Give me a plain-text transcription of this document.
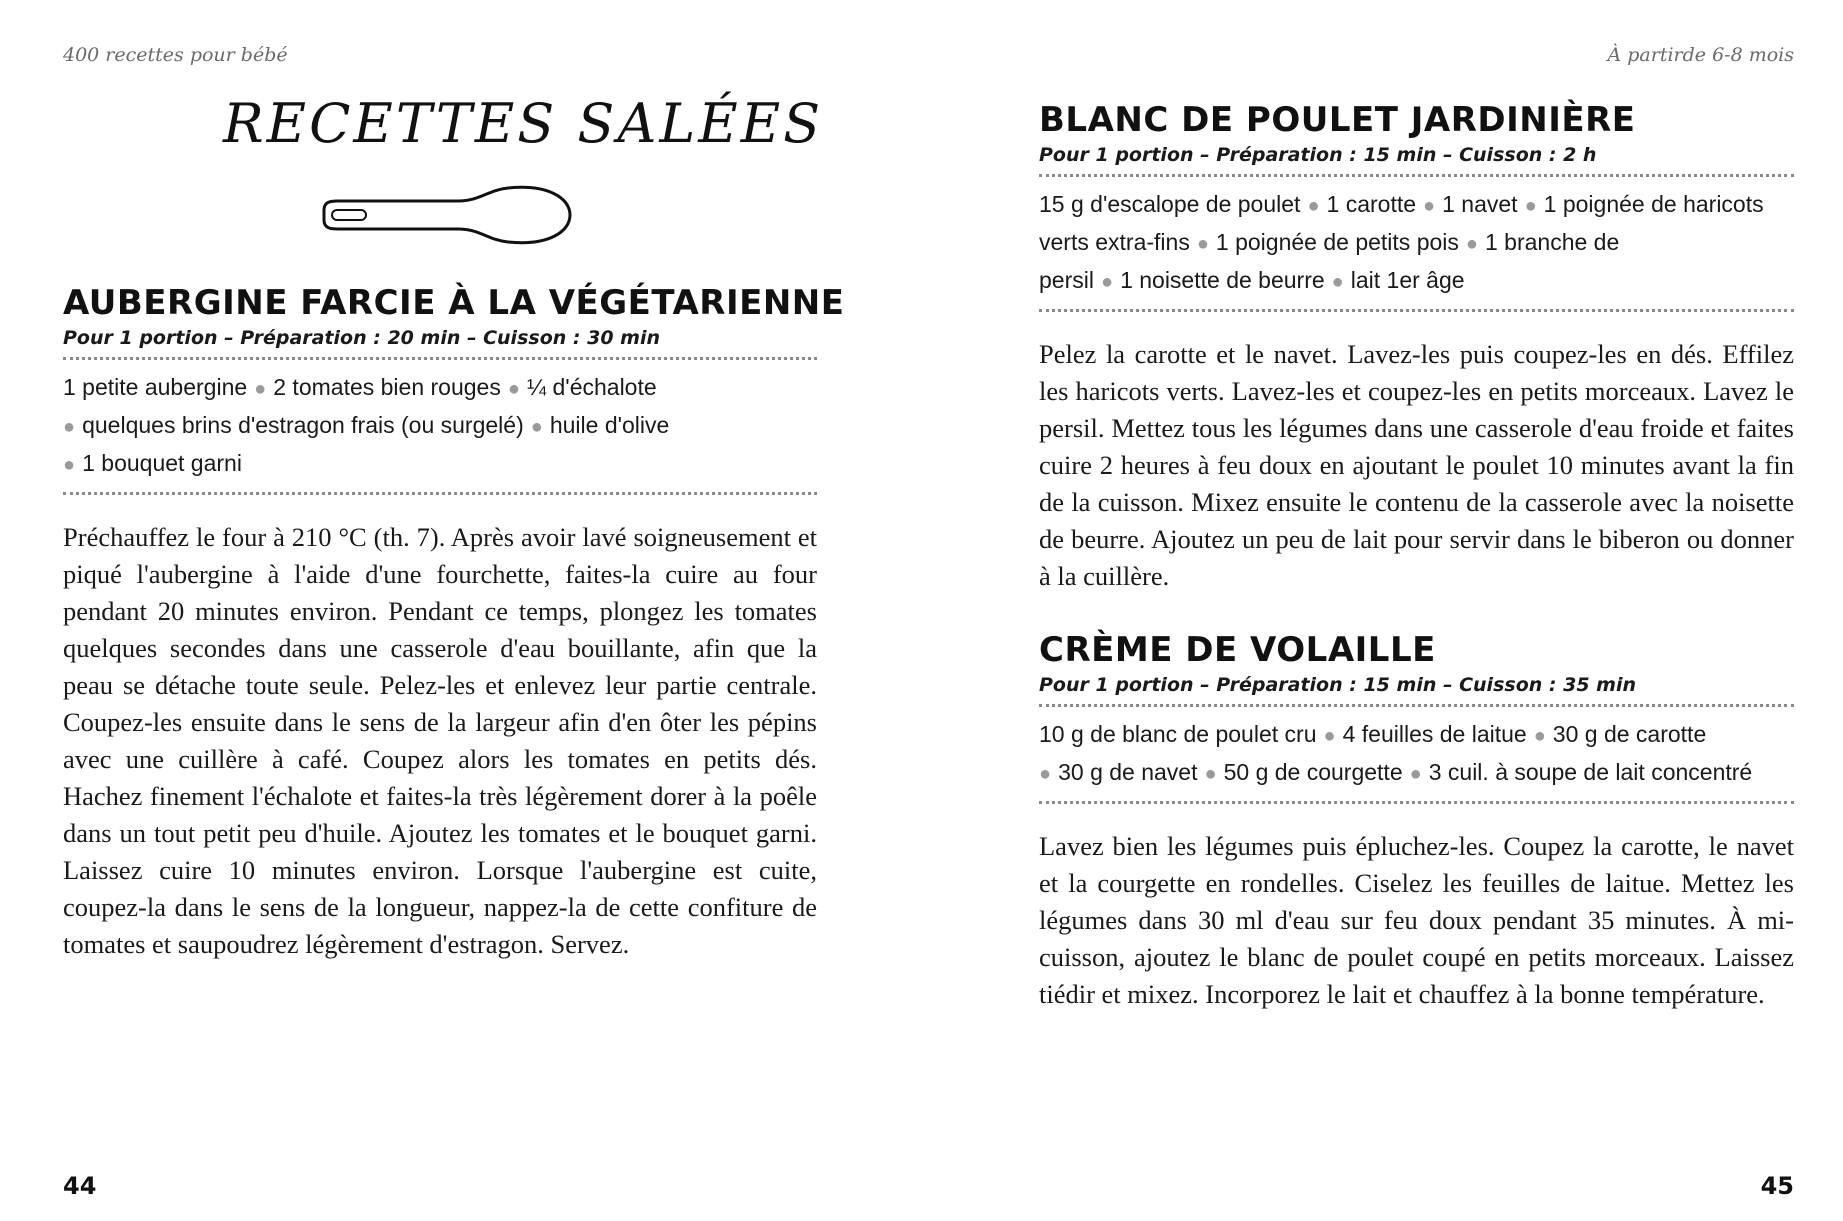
400 recettes pour bébé
RECETTES SALÉES
AUBERGINE FARCIE À LA VÉGÉTARIENNE
Pour 1 portion – Préparation : 20 min – Cuisson : 30 min
1 petite aubergine ● 2 tomates bien rouges ● ¼ d'échalote
● quelques brins d'estragon frais (ou surgelé) ● huile d'olive
● 1 bouquet garni

Préchauffez le four à 210 °C (th. 7). Après avoir lavé soigneusement et piqué l'aubergine à l'aide d'une fourchette, faites-la cuire au four pendant 20 minutes environ. Pendant ce temps, plongez les tomates quelques secondes dans une casserole d'eau bouillante, afin que la peau se détache toute seule. Pelez-les et enlevez leur partie centrale. Coupez-les ensuite dans le sens de la largeur afin d'en ôter les pépins avec une cuillère à café. Coupez alors les tomates en petits dés. Hachez finement l'échalote et faites-la très légèrement dorer à la poêle dans un tout petit peu d'huile. Ajoutez les tomates et le bouquet garni. Laissez cuire 10 minutes environ. Lorsque l'aubergine est cuite, coupez-la dans le sens de la longueur, nappez-la de cette confiture de tomates et saupoudrez légèrement d'estragon. Servez.

44
À partirde 6-8 mois
BLANC DE POULET JARDINIÈRE
Pour 1 portion – Préparation : 15 min – Cuisson : 2 h
15 g d'escalope de poulet ● 1 carotte ● 1 navet ● 1 poignée de haricots verts extra-fins ● 1 poignée de petits pois ● 1 branche de persil ● 1 noisette de beurre ● lait 1er âge

Pelez la carotte et le navet. Lavez-les puis coupez-les en dés. Effilez les haricots verts. Lavez-les et coupez-les en petits morceaux. Lavez le persil. Mettez tous les légumes dans une casserole d'eau froide et faites cuire 2 heures à feu doux en ajoutant le poulet 10 minutes avant la fin de la cuisson. Mixez ensuite le contenu de la casserole avec la noisette de beurre. Ajoutez un peu de lait pour servir dans le biberon ou donner à la cuillère.

CRÈME DE VOLAILLE
Pour 1 portion – Préparation : 15 min – Cuisson : 35 min
10 g de blanc de poulet cru ● 4 feuilles de laitue ● 30 g de carotte
● 30 g de navet ● 50 g de courgette ● 3 cuil. à soupe de lait concentré

Lavez bien les légumes puis épluchez-les. Coupez la carotte, le navet et la courgette en rondelles. Ciselez les feuilles de laitue. Mettez les légumes dans 30 ml d'eau sur feu doux pendant 35 minutes. À mi-cuisson, ajoutez le blanc de poulet coupé en petits morceaux. Laissez tiédir et mixez. Incorporez le lait et chauffez à la bonne température.

45
